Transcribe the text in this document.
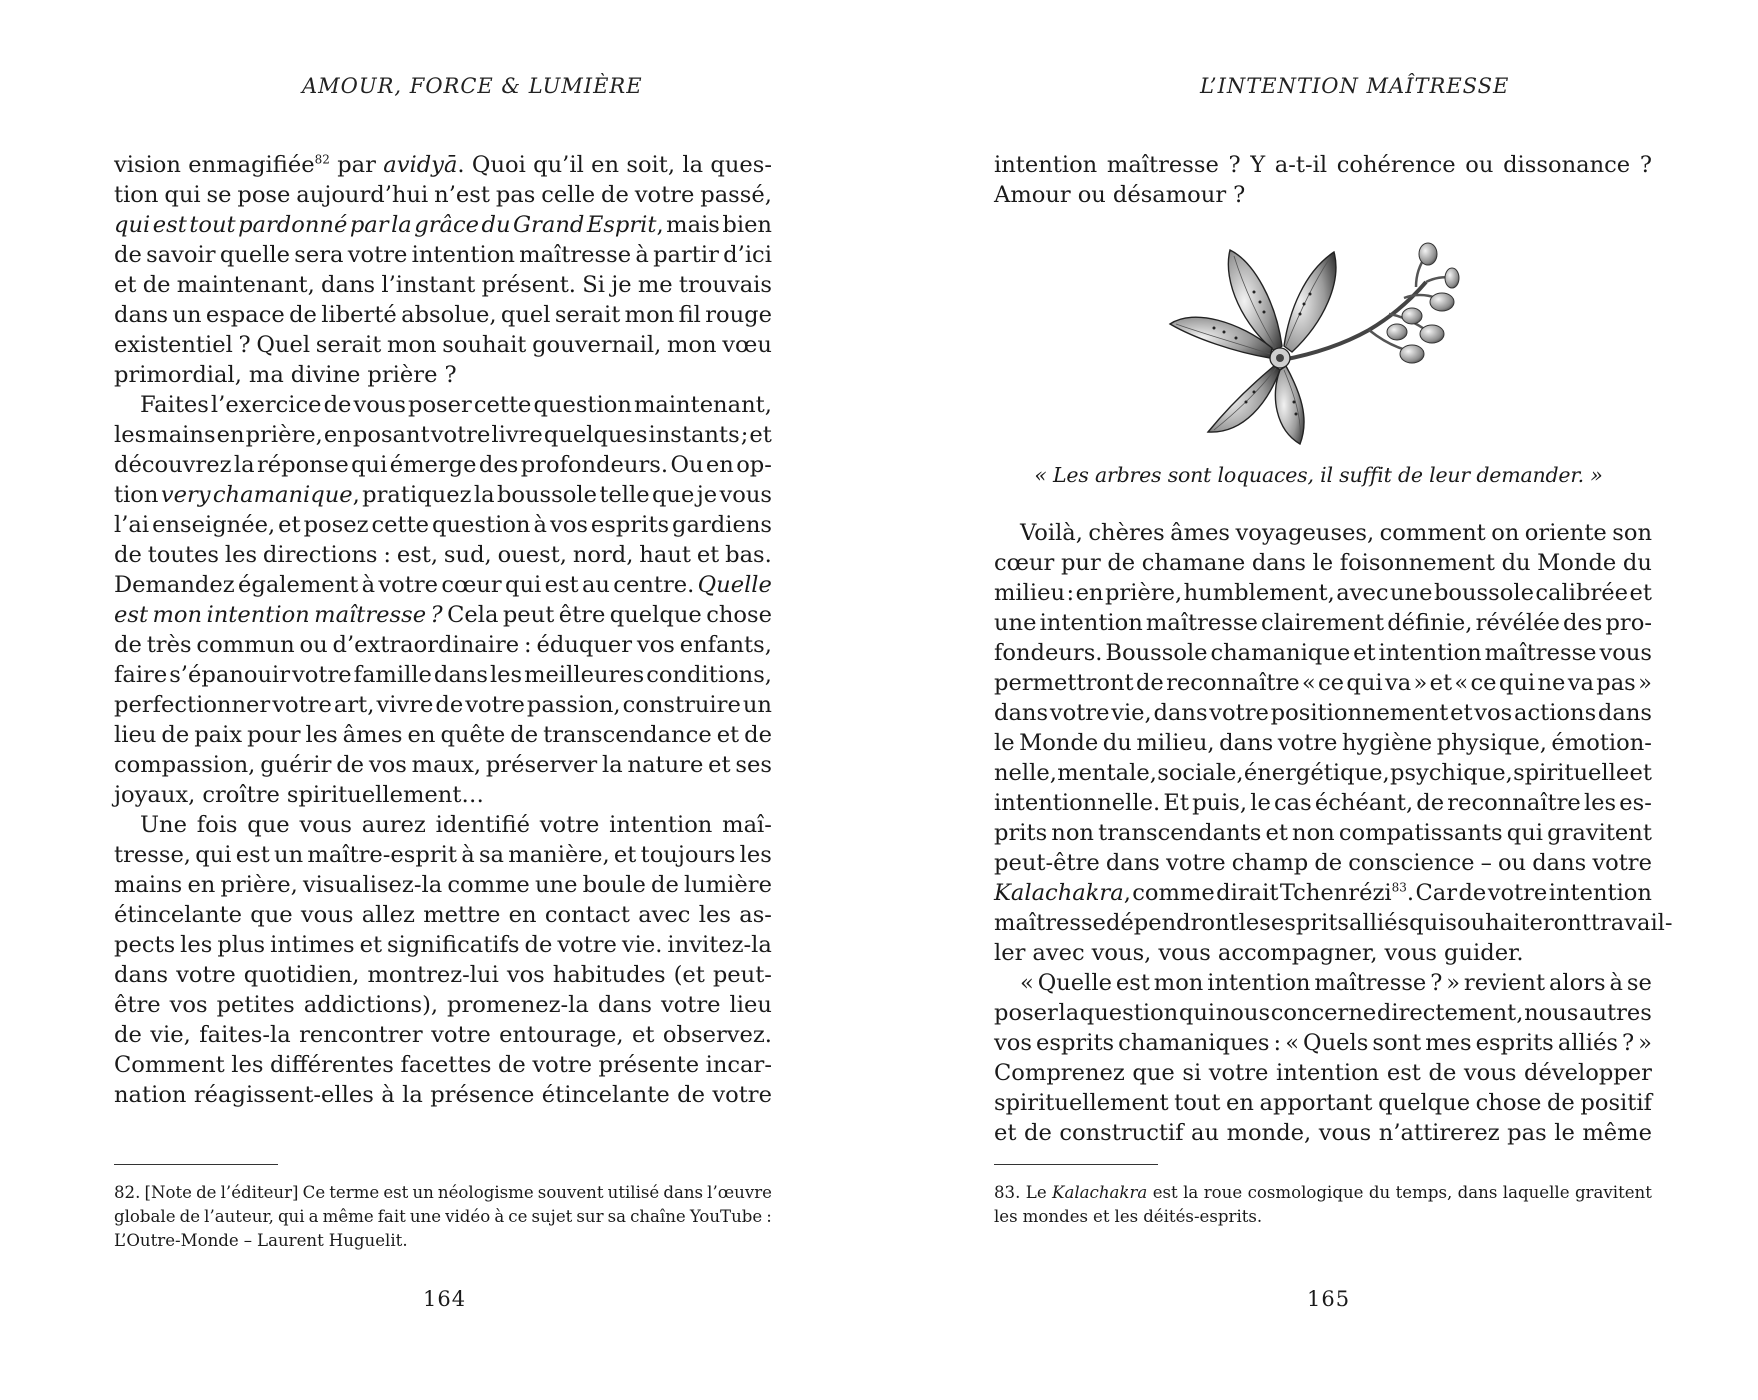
AMOUR, FORCE & LUMIÈRE
vision enmagifiée$^{82}$ par avidyā. Quoi qu’il en soit, la ques-
tion qui se pose aujourd’hui n’est pas celle de votre passé,
qui est tout pardonné par la grâce du Grand Esprit, mais bien
de savoir quelle sera votre intention maîtresse à partir d’ici
et de maintenant, dans l’instant présent. Si je me trouvais
dans un espace de liberté absolue, quel serait mon fil rouge
existentiel ? Quel serait mon souhait gouvernail, mon vœu
primordial, ma divine prière ?
Faites l’exercice de vous poser cette question maintenant,
les mains en prière, en posant votre livre quelques instants ; et
découvrez la réponse qui émerge des profondeurs. Ou en op-
tion very chamanique, pratiquez la boussole telle que je vous
l’ai enseignée, et posez cette question à vos esprits gardiens
de toutes les directions : est, sud, ouest, nord, haut et bas.
Demandez également à votre cœur qui est au centre. Quelle
est mon intention maîtresse ? Cela peut être quelque chose
de très commun ou d’extraordinaire : éduquer vos enfants,
faire s’épanouir votre famille dans les meilleures conditions,
perfectionner votre art, vivre de votre passion, construire un
lieu de paix pour les âmes en quête de transcendance et de
compassion, guérir de vos maux, préserver la nature et ses
joyaux, croître spirituellement…
Une fois que vous aurez identifié votre intention maî-
tresse, qui est un maître-esprit à sa manière, et toujours les
mains en prière, visualisez-la comme une boule de lumière
étincelante que vous allez mettre en contact avec les as-
pects les plus intimes et significatifs de votre vie. invitez-la
dans votre quotidien, montrez-lui vos habitudes (et peut-
être vos petites addictions), promenez-la dans votre lieu
de vie, faites-la rencontrer votre entourage, et observez.
Comment les différentes facettes de votre présente incar-
nation réagissent-elles à la présence étincelante de votre
82. [Note de l’éditeur] Ce terme est un néologisme souvent utilisé dans l’œuvre
globale de l’auteur, qui a même fait une vidéo à ce sujet sur sa chaîne YouTube :
L’Outre-Monde – Laurent Huguelit.
164
L’INTENTION MAÎTRESSE
intention maîtresse ? Y a-t-il cohérence ou dissonance ?
Amour ou désamour ?
« Les arbres sont loquaces, il suffit de leur demander. »
Voilà, chères âmes voyageuses, comment on oriente son
cœur pur de chamane dans le foisonnement du Monde du
milieu : en prière, humblement, avec une boussole calibrée et
une intention maîtresse clairement définie, révélée des pro-
fondeurs. Boussole chamanique et intention maîtresse vous
permettront de reconnaître « ce qui va » et « ce qui ne va pas »
dans votre vie, dans votre positionnement et vos actions dans
le Monde du milieu, dans votre hygiène physique, émotion-
nelle, mentale, sociale, énergétique, psychique, spirituelle et
intentionnelle. Et puis, le cas échéant, de reconnaître les es-
prits non transcendants et non compatissants qui gravitent
peut-être dans votre champ de conscience – ou dans votre
Kalachakra, comme dirait Tchenrézi$^{83}$. Car de votre intention
maîtresse dépendront les esprits alliés qui souhaiteront travail-
ler avec vous, vous accompagner, vous guider.
« Quelle est mon intention maîtresse ? » revient alors à se
poser la question qui nous concerne directement, nous autres
vos esprits chamaniques : « Quels sont mes esprits alliés ? »
Comprenez que si votre intention est de vous développer
spirituellement tout en apportant quelque chose de positif
et de constructif au monde, vous n’attirerez pas le même
83. Le Kalachakra est la roue cosmologique du temps, dans laquelle gravitent
les mondes et les déités-esprits.
165
